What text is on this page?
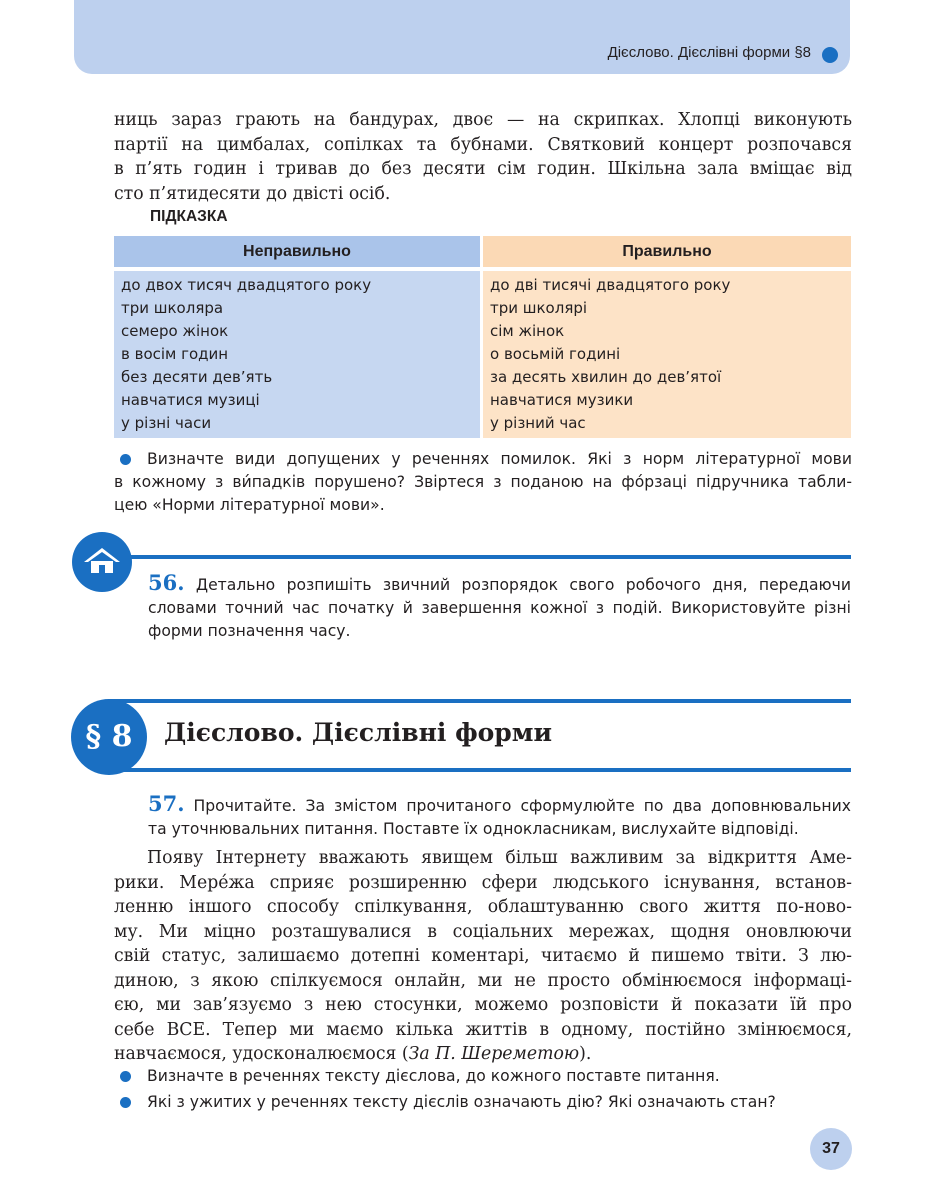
Дієслово. Дієслівні форми §8
ниць зараз грають на бандурах, двоє — на скрипках. Хлопці виконують
партії на цимбалах, сопілках та бубнами. Святковий концерт розпочався
в п’ять годин і тривав до без десяти сім годин. Шкільна зала вміщає від
сто п’ятидесяти до двісті осіб.
ПІДКАЗКА
Неправильно	Правильно
до двох тисяч двадцятого року
три школяра
семеро жінок
в восім годин
без десяти дев’ять
навчатися музиці
у різні часи
до дві тисячі двадцятого року
три школярі
сім жінок
о восьмій годині
за десять хвилин до дев’ятої
навчатися музики
у різний час
Визначте види допущених у реченнях помилок. Які з норм літературної мови
в кожному з ви́падків порушено? Звіртеся з поданою на фо́рзаці підручника табли-
цею «Норми літературної мови».
56. Детально розпишіть звичний розпорядок свого робочого дня, передаючи
словами точний час початку й завершення кожної з подій. Використовуйте різні
форми позначення часу.
§ 8	Дієслово. Дієслівні форми
57. Прочитайте. За змістом прочитаного сформулюйте по два доповнювальних
та уточнювальних питання. Поставте їх однокласникам, вислухайте відповіді.
Появу Інтернету вважають явищем більш важливим за відкриття Аме-
рики. Мере́жа сприяє розширенню сфери людського існування, встанов-
ленню іншого способу спілкування, облаштуванню свого життя по-ново-
му. Ми міцно розташувалися в соціальних мережах, щодня оновлюючи
свій статус, залишаємо дотепні коментарі, читаємо й пишемо твіти. З лю-
диною, з якою спілкуємося онлайн, ми не просто обмінюємося інформаці-
єю, ми зав’язуємо з нею стосунки, можемо розповісти й показати їй про
себе ВСЕ. Тепер ми маємо кілька життів в одному, постійно змінюємося,
навчаємося, удосконалюємося (За П. Шереметою).
Визначте в реченнях тексту дієслова, до кожного поставте питання.
Які з ужитих у реченнях тексту дієслів означають дію? Які означають стан?
37
